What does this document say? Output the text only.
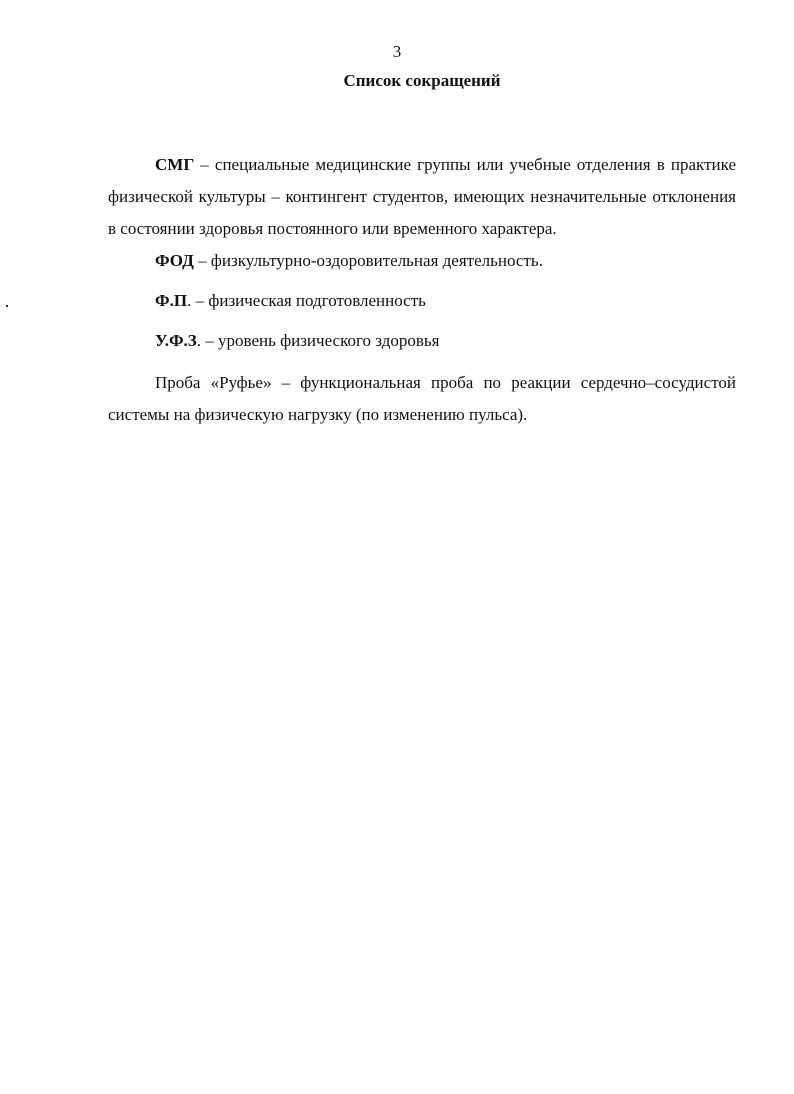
3
Список сокращений

СМГ – специальные медицинские группы или учебные отделения в практике физической культуры – контингент студентов, имеющих незначительные отклонения в состоянии здоровья постоянного или временного характера.

ФОД – физкультурно-оздоровительная деятельность.

Ф.П. – физическая подготовленность

У.Ф.З. – уровень физического здоровья

Проба «Руфье» – функциональная проба по реакции сердечно–сосудистой системы на физическую нагрузку (по изменению пульса).
